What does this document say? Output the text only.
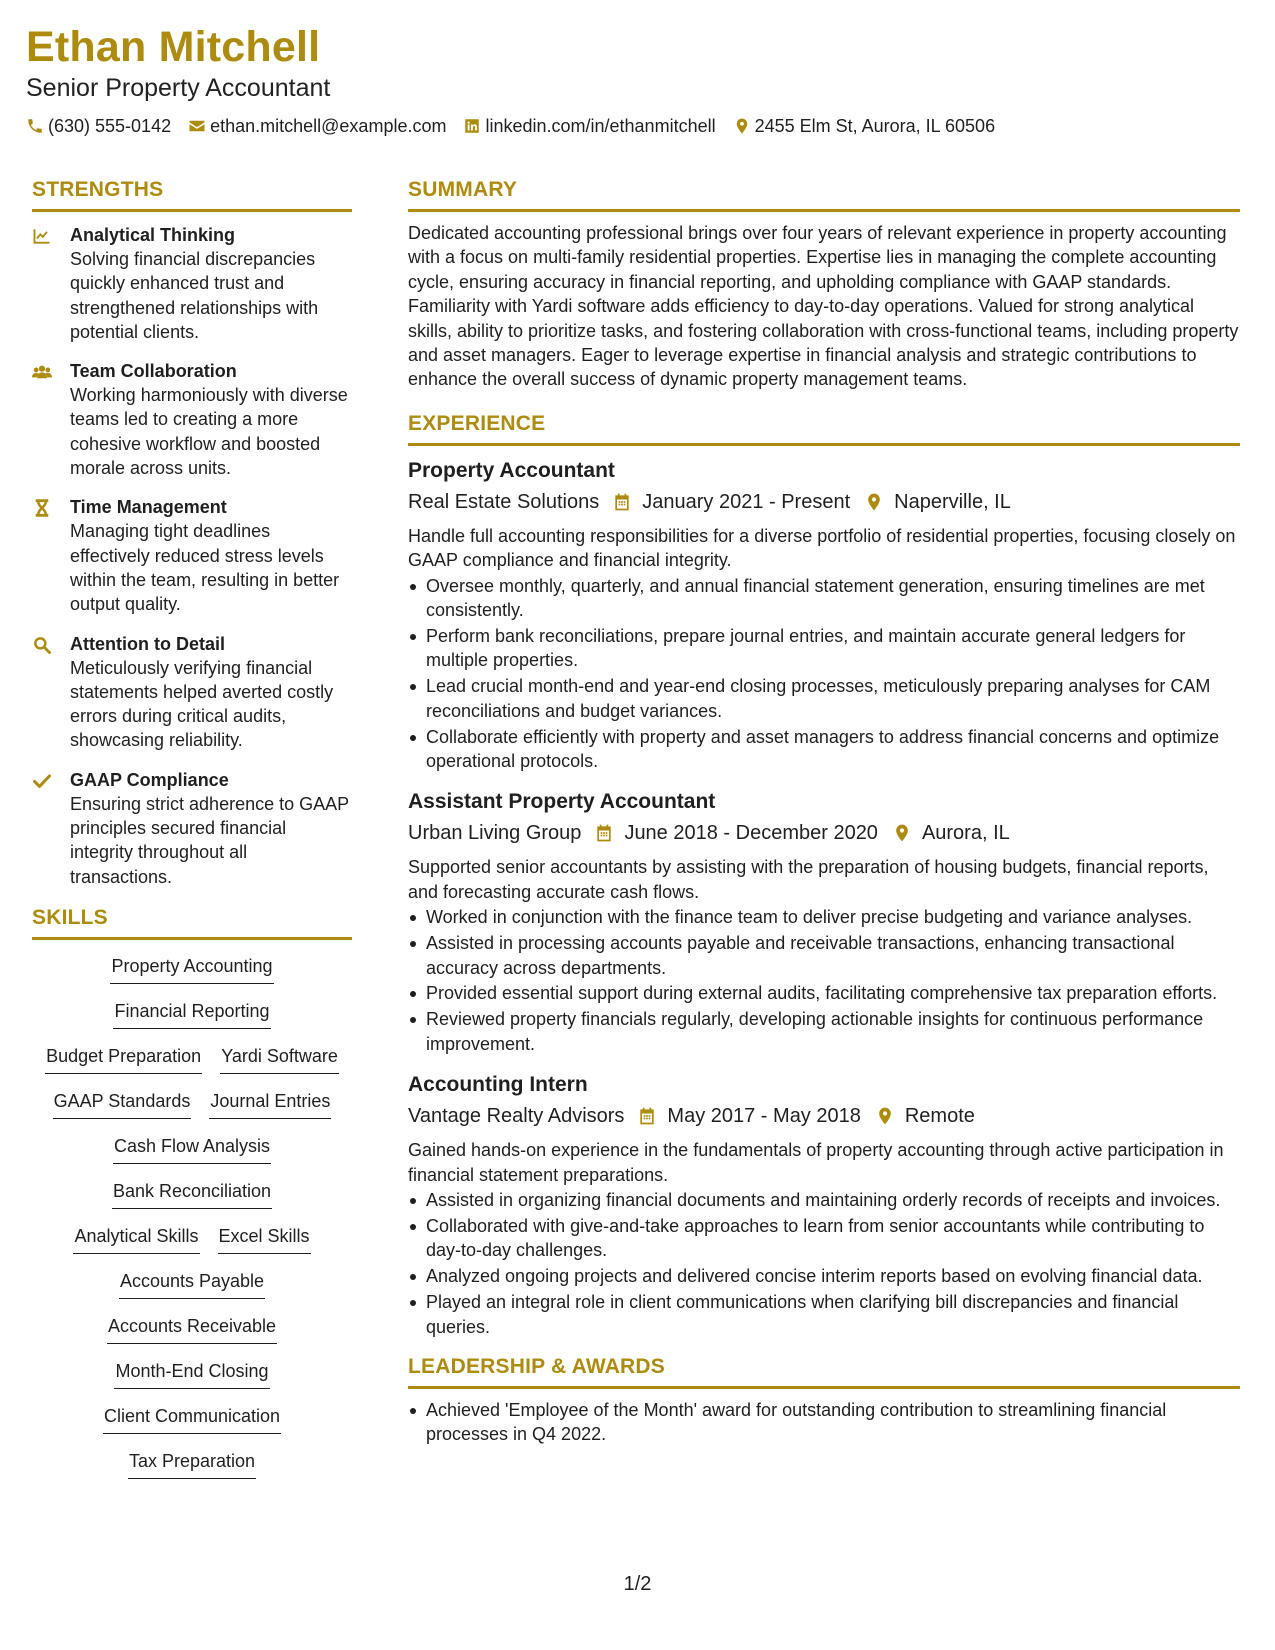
Ethan Mitchell
Senior Property Accountant
(630) 555-0142 ethan.mitchell@example.com linkedin.com/in/ethanmitchell 2455 Elm St, Aurora, IL 60506
STRENGTHS
Analytical Thinking
Solving financial discrepancies quickly enhanced trust and strengthened relationships with potential clients.
Team Collaboration
Working harmoniously with diverse teams led to creating a more cohesive workflow and boosted morale across units.
Time Management
Managing tight deadlines effectively reduced stress levels within the team, resulting in better output quality.
Attention to Detail
Meticulously verifying financial statements helped averted costly errors during critical audits, showcasing reliability.
GAAP Compliance
Ensuring strict adherence to GAAP principles secured financial integrity throughout all transactions.
SKILLS
Property Accounting
Financial Reporting
Budget Preparation Yardi Software
GAAP Standards Journal Entries
Cash Flow Analysis
Bank Reconciliation
Analytical Skills Excel Skills
Accounts Payable
Accounts Receivable
Month-End Closing
Client Communication
Tax Preparation
SUMMARY
Dedicated accounting professional brings over four years of relevant experience in property accounting with a focus on multi-family residential properties. Expertise lies in managing the complete accounting cycle, ensuring accuracy in financial reporting, and upholding compliance with GAAP standards. Familiarity with Yardi software adds efficiency to day-to-day operations. Valued for strong analytical skills, ability to prioritize tasks, and fostering collaboration with cross-functional teams, including property and asset managers. Eager to leverage expertise in financial analysis and strategic contributions to enhance the overall success of dynamic property management teams.
EXPERIENCE
Property Accountant
Real Estate Solutions January 2021 - Present Naperville, IL
Handle full accounting responsibilities for a diverse portfolio of residential properties, focusing closely on GAAP compliance and financial integrity.
Oversee monthly, quarterly, and annual financial statement generation, ensuring timelines are met consistently.
Perform bank reconciliations, prepare journal entries, and maintain accurate general ledgers for multiple properties.
Lead crucial month-end and year-end closing processes, meticulously preparing analyses for CAM reconciliations and budget variances.
Collaborate efficiently with property and asset managers to address financial concerns and optimize operational protocols.
Assistant Property Accountant
Urban Living Group June 2018 - December 2020 Aurora, IL
Supported senior accountants by assisting with the preparation of housing budgets, financial reports, and forecasting accurate cash flows.
Worked in conjunction with the finance team to deliver precise budgeting and variance analyses.
Assisted in processing accounts payable and receivable transactions, enhancing transactional accuracy across departments.
Provided essential support during external audits, facilitating comprehensive tax preparation efforts.
Reviewed property financials regularly, developing actionable insights for continuous performance improvement.
Accounting Intern
Vantage Realty Advisors May 2017 - May 2018 Remote
Gained hands-on experience in the fundamentals of property accounting through active participation in financial statement preparations.
Assisted in organizing financial documents and maintaining orderly records of receipts and invoices.
Collaborated with give-and-take approaches to learn from senior accountants while contributing to day-to-day challenges.
Analyzed ongoing projects and delivered concise interim reports based on evolving financial data.
Played an integral role in client communications when clarifying bill discrepancies and financial queries.
LEADERSHIP & AWARDS
Achieved 'Employee of the Month' award for outstanding contribution to streamlining financial processes in Q4 2022.
1/2
